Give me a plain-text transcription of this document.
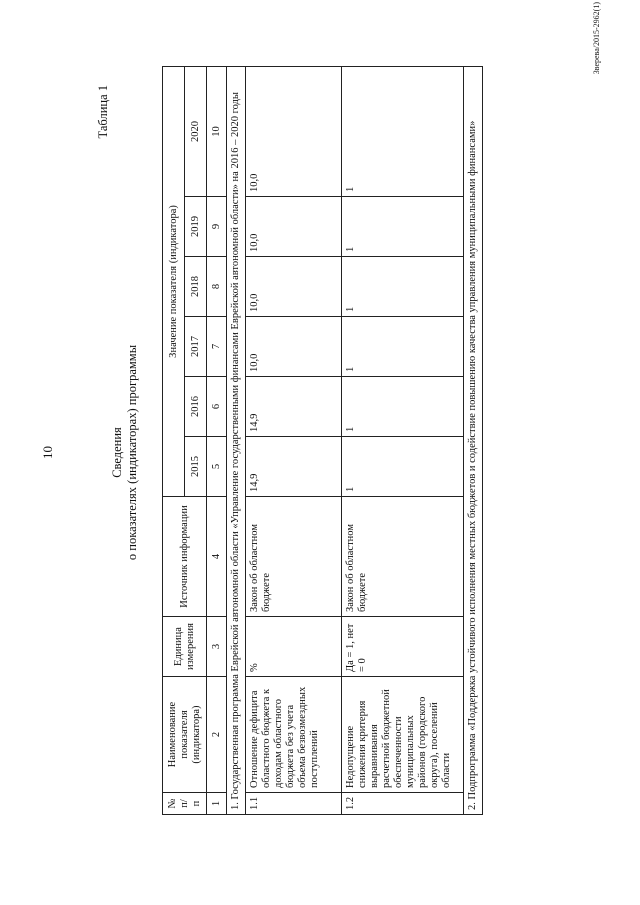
10
Таблица 1
Сведения о показателях (индикаторах) программы
№ п/п	Наименование показателя (индикатора)	Единица измерения	Источник информации	Значение показателя (индикатора)					
				2015	2016	2017	2018	2019	2020
1	2	3	4	5	6	7	8	9	10
1. Государственная программа Еврейской автономной области «Управление государственными финансами Еврейской автономной области» на 2016 – 2020 годы									
1.1	Отношение дефицита областного бюджета к доходам областного бюджета без учета объема безвозмездных поступлений	%	Закон об областном бюджете	14,9	14,9	10,0	10,0	10,0	10,0
1.2	Недопущение снижения критерия выравнивания расчетной бюджетной обеспеченности муниципальных районов (городского округа), поселений области	Да = 1, нет = 0	Закон об областном бюджете	1	1	1	1	1	1
2. Подпрограмма «Поддержка устойчивого исполнения местных бюджетов и содействие повышению качества управления муниципальными финансами»									
Зверева/2015-2962(1)
